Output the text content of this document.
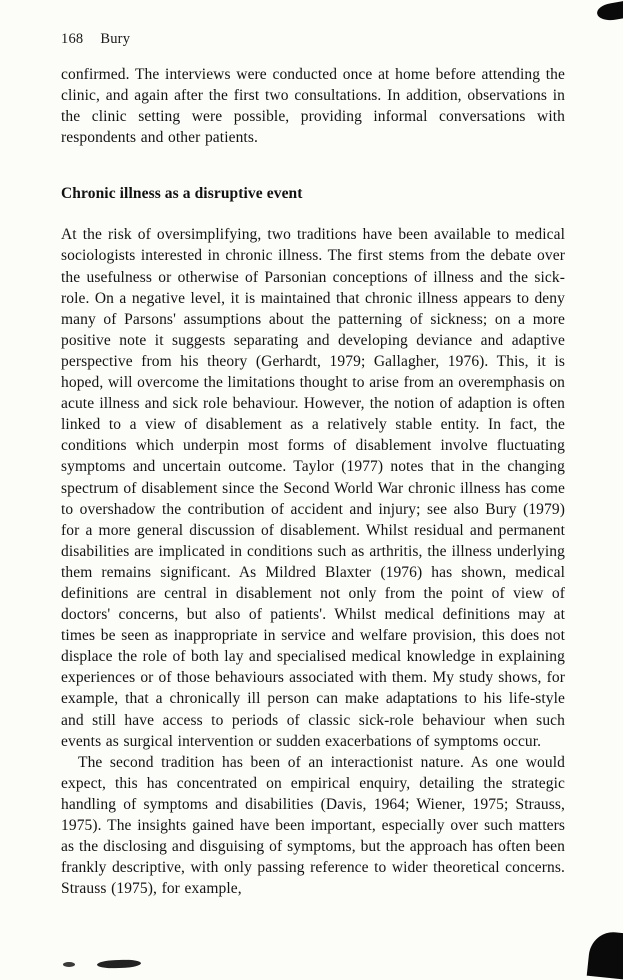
168 Bury

confirmed. The interviews were conducted once at home before attending the clinic, and again after the first two consultations. In addition, observations in the clinic setting were possible, providing informal conversations with respondents and other patients.

Chronic illness as a disruptive event

At the risk of oversimplifying, two traditions have been available to medical sociologists interested in chronic illness. The first stems from the debate over the usefulness or otherwise of Parsonian conceptions of illness and the sick-role. On a negative level, it is maintained that chronic illness appears to deny many of Parsons' assumptions about the patterning of sickness; on a more positive note it suggests separating and developing deviance and adaptive perspective from his theory (Gerhardt, 1979; Gallagher, 1976). This, it is hoped, will overcome the limitations thought to arise from an overemphasis on acute illness and sick role behaviour. However, the notion of adaption is often linked to a view of disablement as a relatively stable entity. In fact, the conditions which underpin most forms of disablement involve fluctuating symptoms and uncertain outcome. Taylor (1977) notes that in the changing spectrum of disablement since the Second World War chronic illness has come to overshadow the contribution of accident and injury; see also Bury (1979) for a more general discussion of disablement. Whilst residual and permanent disabilities are implicated in conditions such as arthritis, the illness underlying them remains significant. As Mildred Blaxter (1976) has shown, medical definitions are central in disablement not only from the point of view of doctors' concerns, but also of patients'. Whilst medical definitions may at times be seen as inappropriate in service and welfare provision, this does not displace the role of both lay and specialised medical knowledge in explaining experiences or of those behaviours associated with them. My study shows, for example, that a chronically ill person can make adaptations to his life-style and still have access to periods of classic sick-role behaviour when such events as surgical intervention or sudden exacerbations of symptoms occur.

The second tradition has been of an interactionist nature. As one would expect, this has concentrated on empirical enquiry, detailing the strategic handling of symptoms and disabilities (Davis, 1964; Wiener, 1975; Strauss, 1975). The insights gained have been important, especially over such matters as the disclosing and disguising of symptoms, but the approach has often been frankly descriptive, with only passing reference to wider theoretical concerns. Strauss (1975), for example,
